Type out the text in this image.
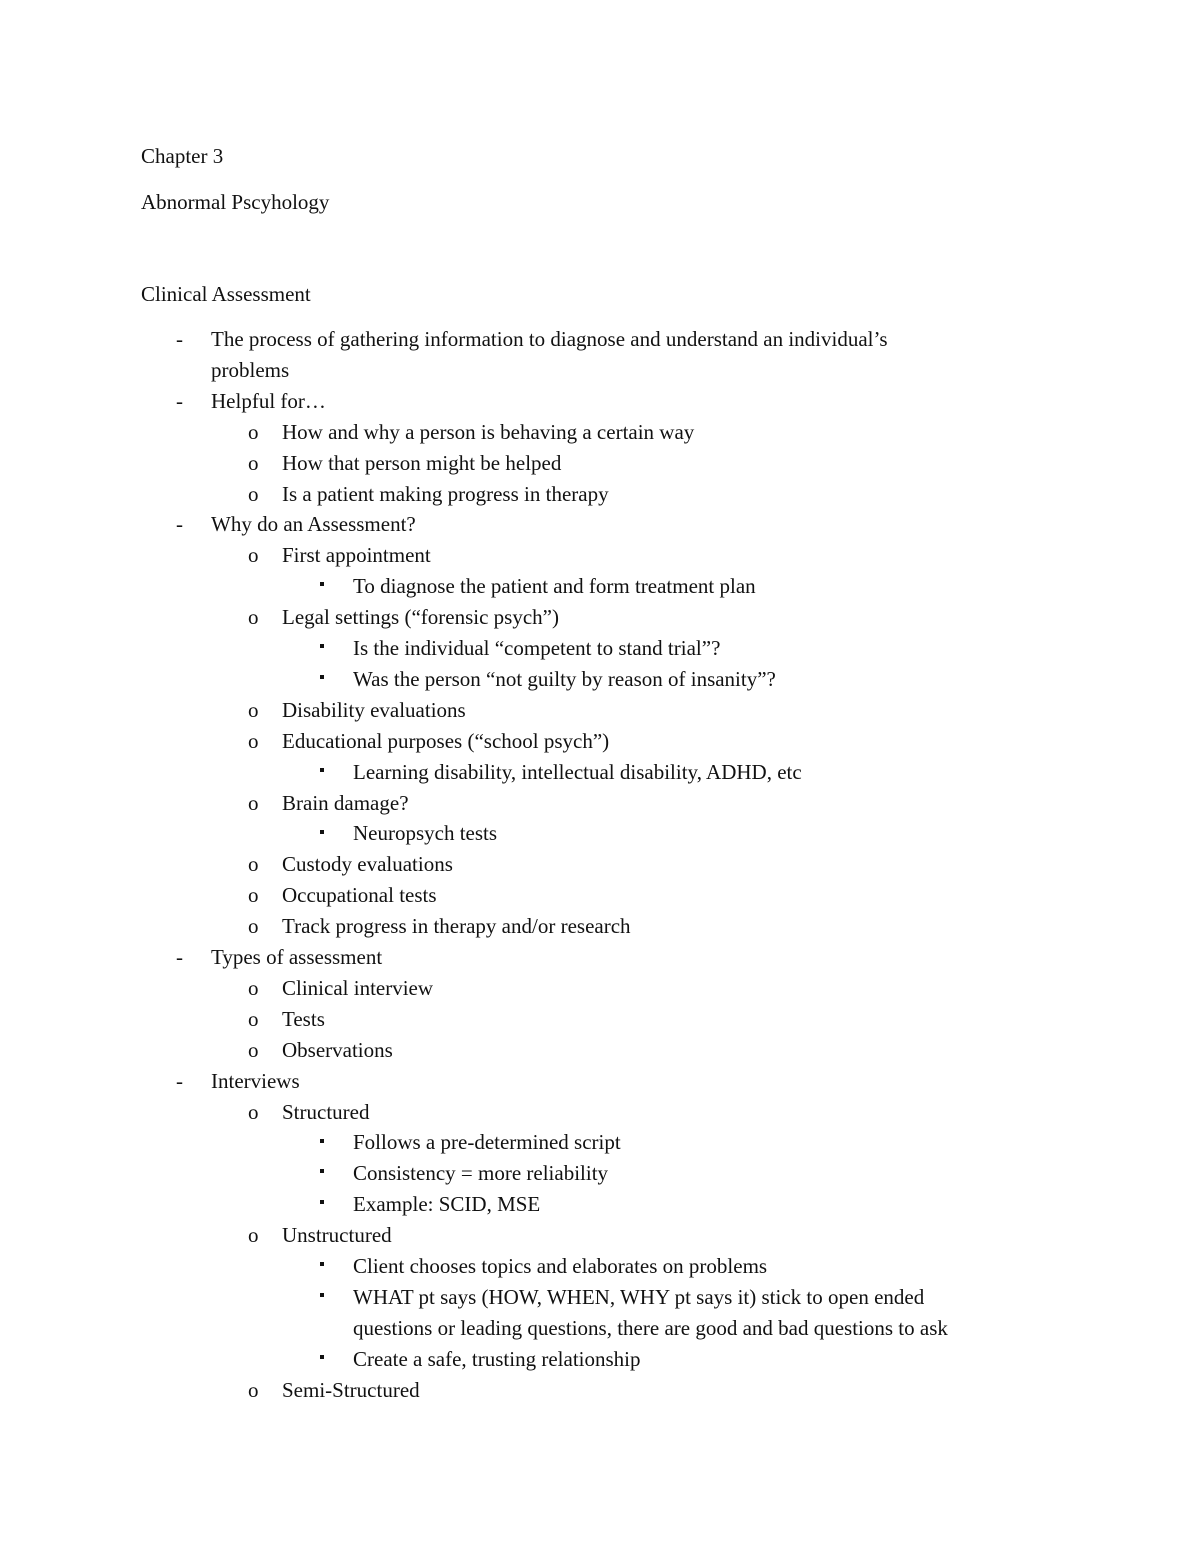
Chapter 3
Abnormal Pscyhology
Clinical Assessment
-	The process of gathering information to diagnose and understand an individual’s
problems
-	Helpful for…
o	How and why a person is behaving a certain way
o	How that person might be helped
o	Is a patient making progress in therapy
-	Why do an Assessment?
o	First appointment
To diagnose the patient and form treatment plan
o	Legal settings (“forensic psych”)
Is the individual “competent to stand trial”?
Was the person “not guilty by reason of insanity”?
o	Disability evaluations
o	Educational purposes (“school psych”)
Learning disability, intellectual disability, ADHD, etc
o	Brain damage?
Neuropsych tests
o	Custody evaluations
o	Occupational tests
o	Track progress in therapy and/or research
-	Types of assessment
o	Clinical interview
o	Tests
o	Observations
-	Interviews
o	Structured
Follows a pre-determined script
Consistency = more reliability
Example: SCID, MSE
o	Unstructured
Client chooses topics and elaborates on problems
WHAT pt says (HOW, WHEN, WHY pt says it) stick to open ended
questions or leading questions, there are good and bad questions to ask
Create a safe, trusting relationship
o	Semi-Structured
